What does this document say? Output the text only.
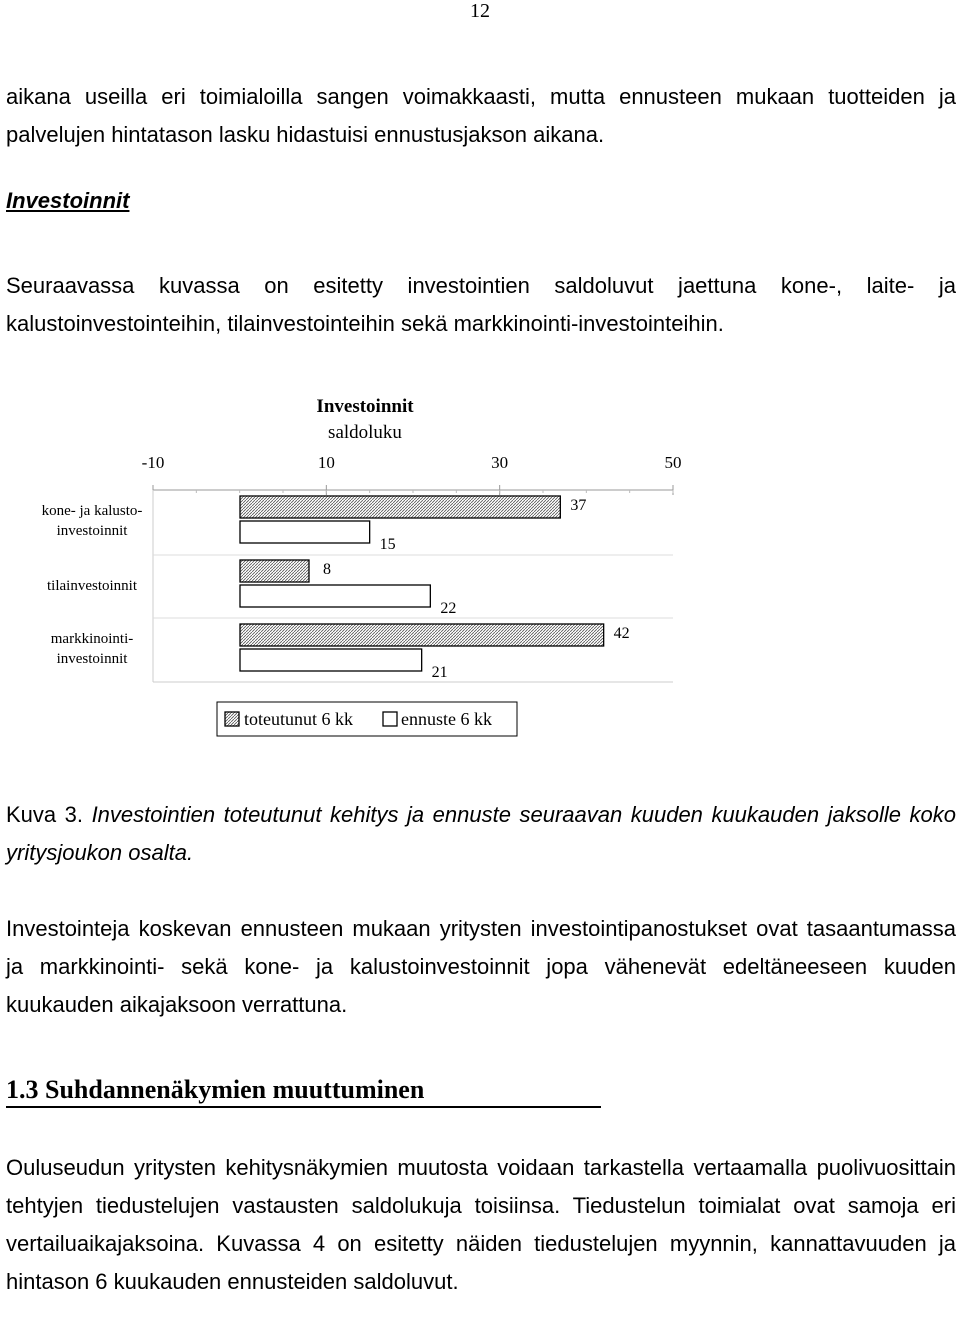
12
aikana useilla eri toimialoilla sangen voimakkaasti, mutta ennusteen mukaan tuotteiden ja palvelujen hintatason lasku hidastuisi ennustusjakson aikana.
Investoinnit
Seuraavassa kuvassa on esitetty investointien saldoluvut jaettuna kone-, laite- ja kalustoinvestointeihin, tilainvestointeihin sekä markkinointi-investointeihin.
Investoinnit
saldoluku
-10	10	30	50
37
15
8
22
42
21
kone- ja kalusto-
investoinnit
tilainvestoinnit
markkinointi-
investoinnit
toteutunut 6 kk	ennuste 6 kk
Kuva 3. Investointien toteutunut kehitys ja ennuste seuraavan kuuden kuukauden jaksolle koko yritysjoukon osalta.
Investointeja koskevan ennusteen mukaan yritysten investointipanostukset ovat tasaantumassa ja markkinointi- sekä kone- ja kalustoinvestoinnit jopa vähenevät edeltäneeseen kuuden kuukauden aikajaksoon verrattuna.
1.3 Suhdannenäkymien muuttuminen
Ouluseudun yritysten kehitysnäkymien muutosta voidaan tarkastella vertaamalla puolivuosittain tehtyjen tiedustelujen vastausten saldolukuja toisiinsa. Tiedustelun toimialat ovat samoja eri vertailuaikajaksoina. Kuvassa 4 on esitetty näiden tiedustelujen myynnin, kannattavuuden ja hintason 6 kuukauden ennusteiden saldoluvut.
